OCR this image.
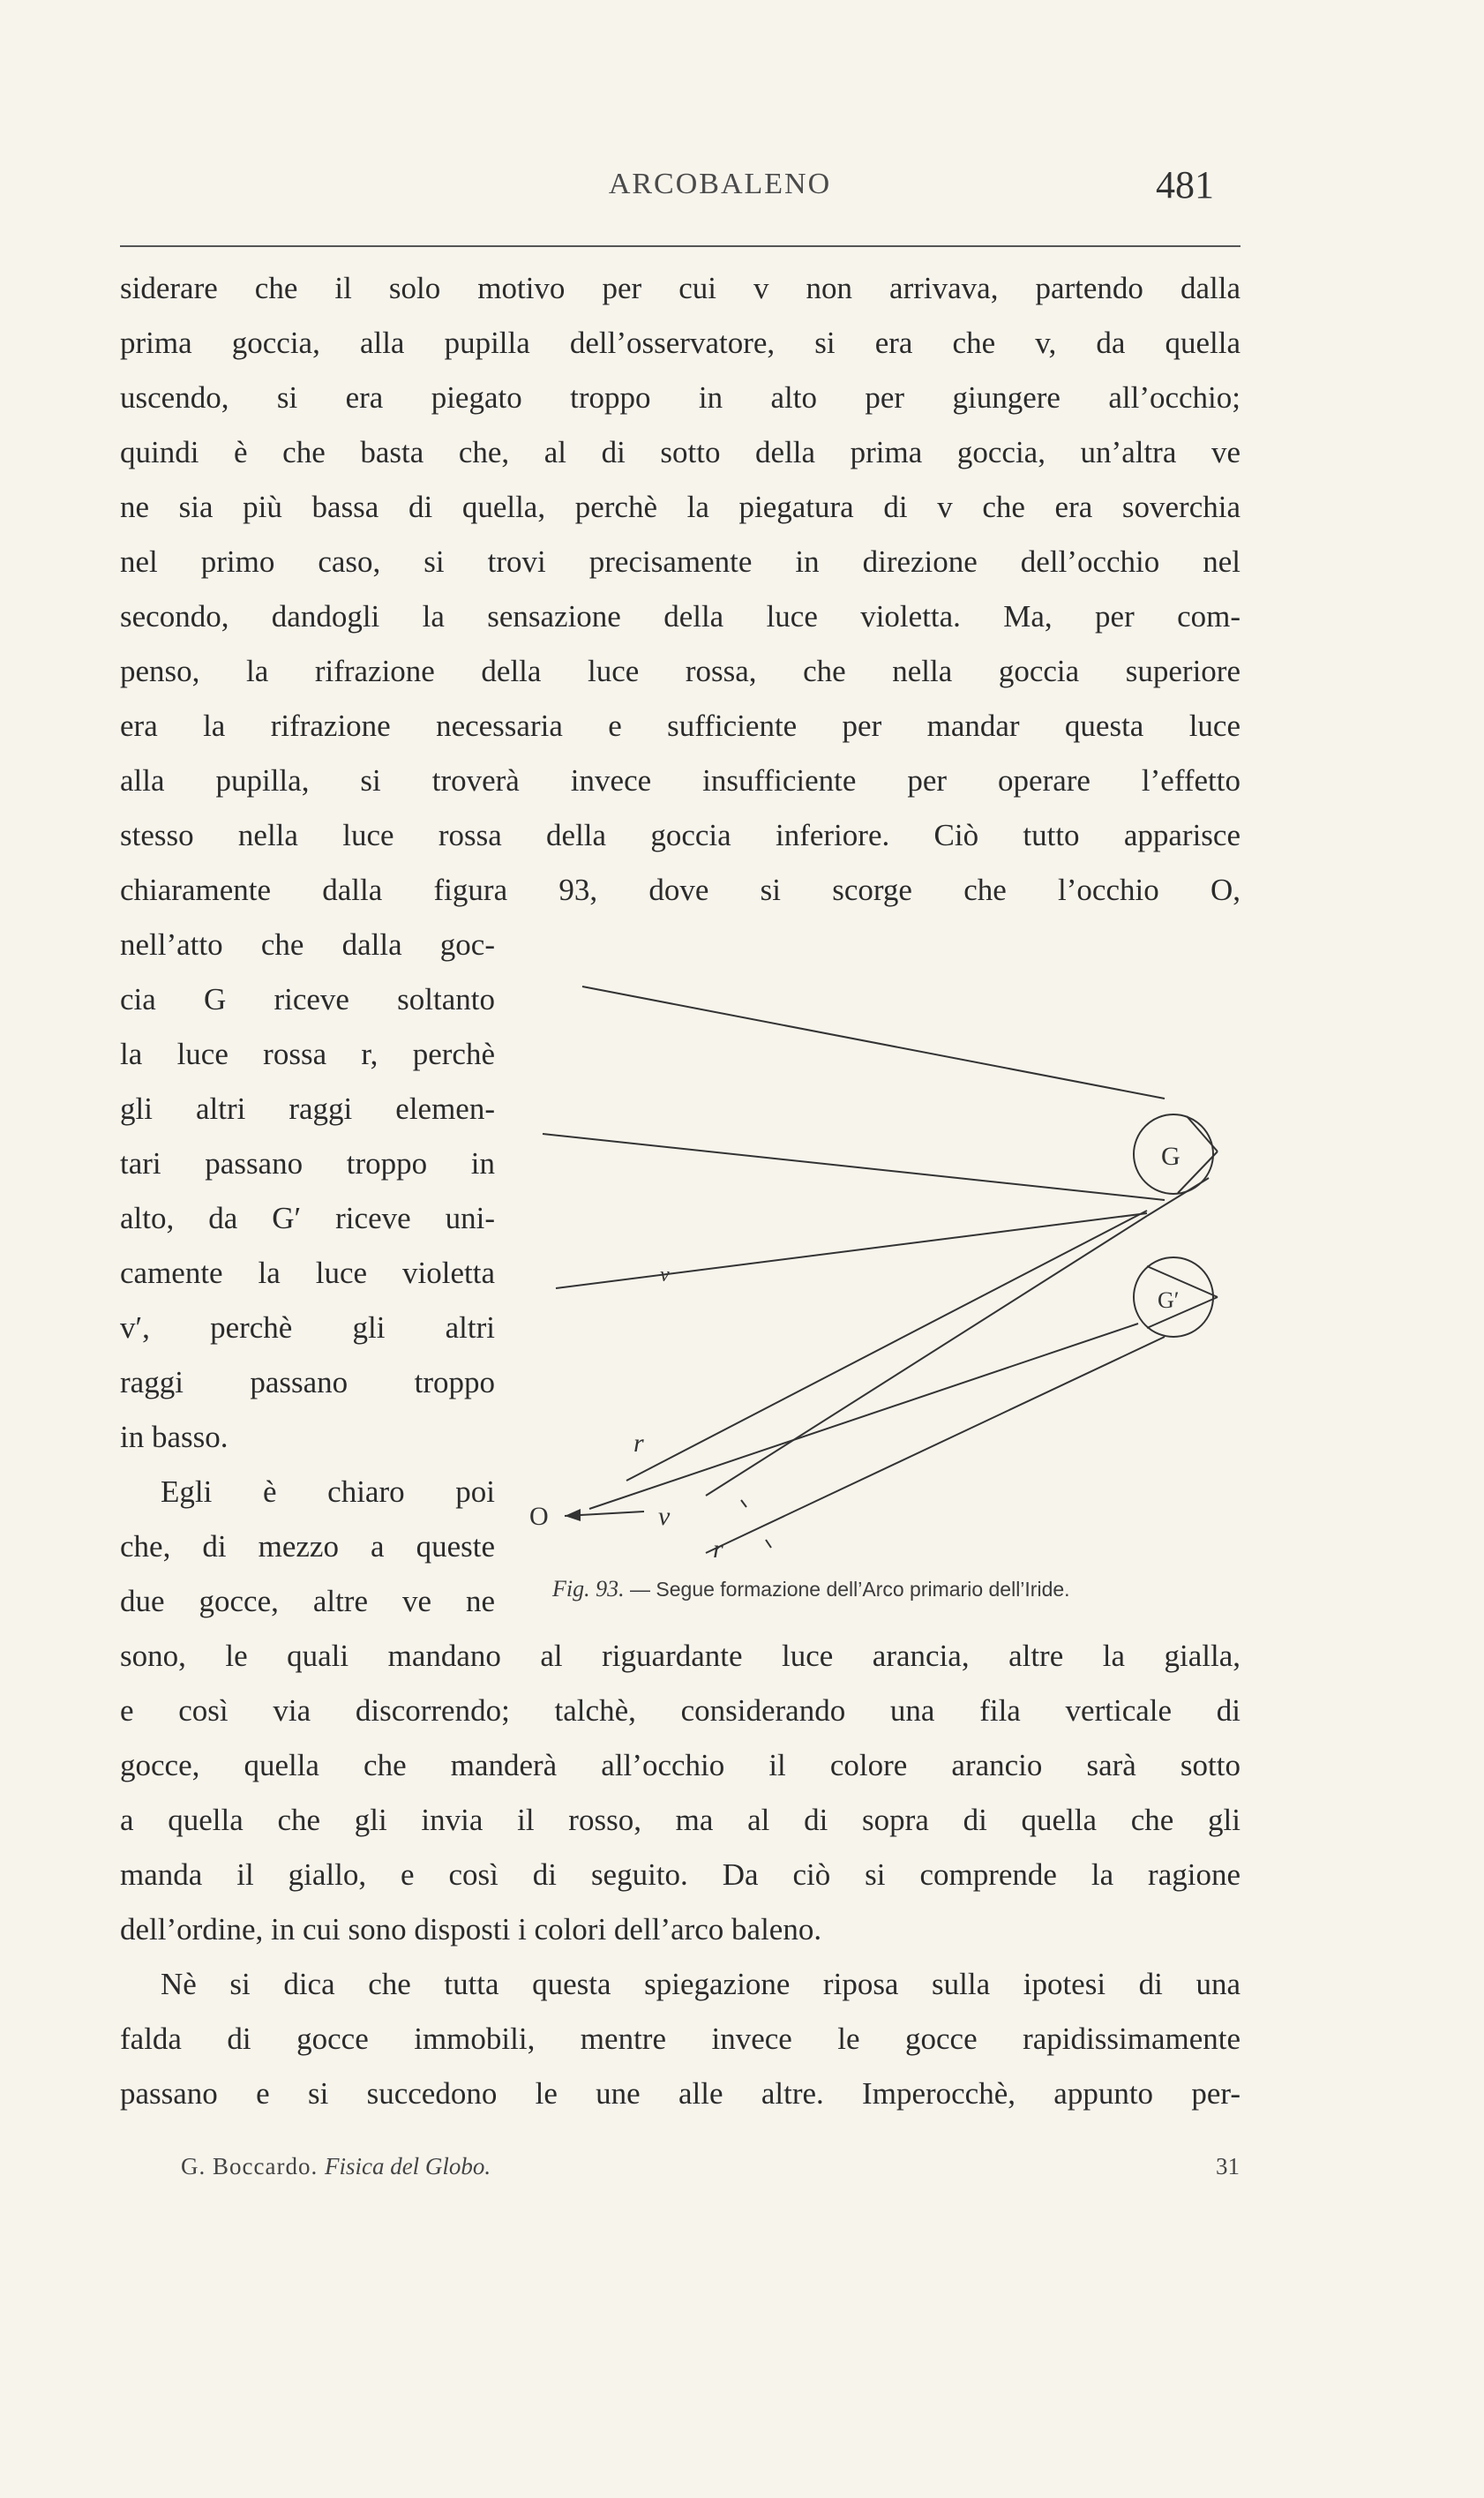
ARCOBALENO	481
siderare che il solo motivo per cui v non arrivava, partendo dalla
prima goccia, alla pupilla dell’osservatore, si era che v, da quella
uscendo, si era piegato troppo in alto per giungere all’occhio;
quindi è che basta che, al di sotto della prima goccia, un’altra ve
ne sia più bassa di quella, perchè la piegatura di v che era soverchia
nel primo caso, si trovi precisamente in direzione dell’occhio nel
secondo, dandogli la sensazione della luce violetta. Ma, per com-
penso, la rifrazione della luce rossa, che nella goccia superiore
era la rifrazione necessaria e sufficiente per mandar questa luce
alla pupilla, si troverà invece insufficiente per operare l’effetto
stesso nella luce rossa della goccia inferiore. Ciò tutto apparisce
chiaramente dalla figura 93, dove si scorge che l’occhio O,
nell’atto che dalla goc-
cia G riceve soltanto
la luce rossa r, perchè
gli altri raggi elemen-
tari passano troppo in
alto, da G′ riceve uni-
camente la luce violetta
v′, perchè gli altri
raggi passano troppo
in basso.
Egli è chiaro poi
che, di mezzo a queste
due gocce, altre ve ne
sono, le quali mandano al riguardante luce arancia, altre la gialla,
e così via discorrendo; talchè, considerando una fila verticale di
gocce, quella che manderà all’occhio il colore arancio sarà sotto
a quella che gli invia il rosso, ma al di sopra di quella che gli
manda il giallo, e così di seguito. Da ciò si comprende la ragione
dell’ordine, in cui sono disposti i colori dell’arco baleno.
Nè si dica che tutta questa spiegazione riposa sulla ipotesi di una
falda di gocce immobili, mentre invece le gocce rapidissimamente
passano e si succedono le une alle altre. Imperocchè, appunto per-
G
G′
O
v
r
v
r
Fig. 93. — Segue formazione dell’Arco primario dell’Iride.
G. Boccardo. Fisica del Globo.	31
